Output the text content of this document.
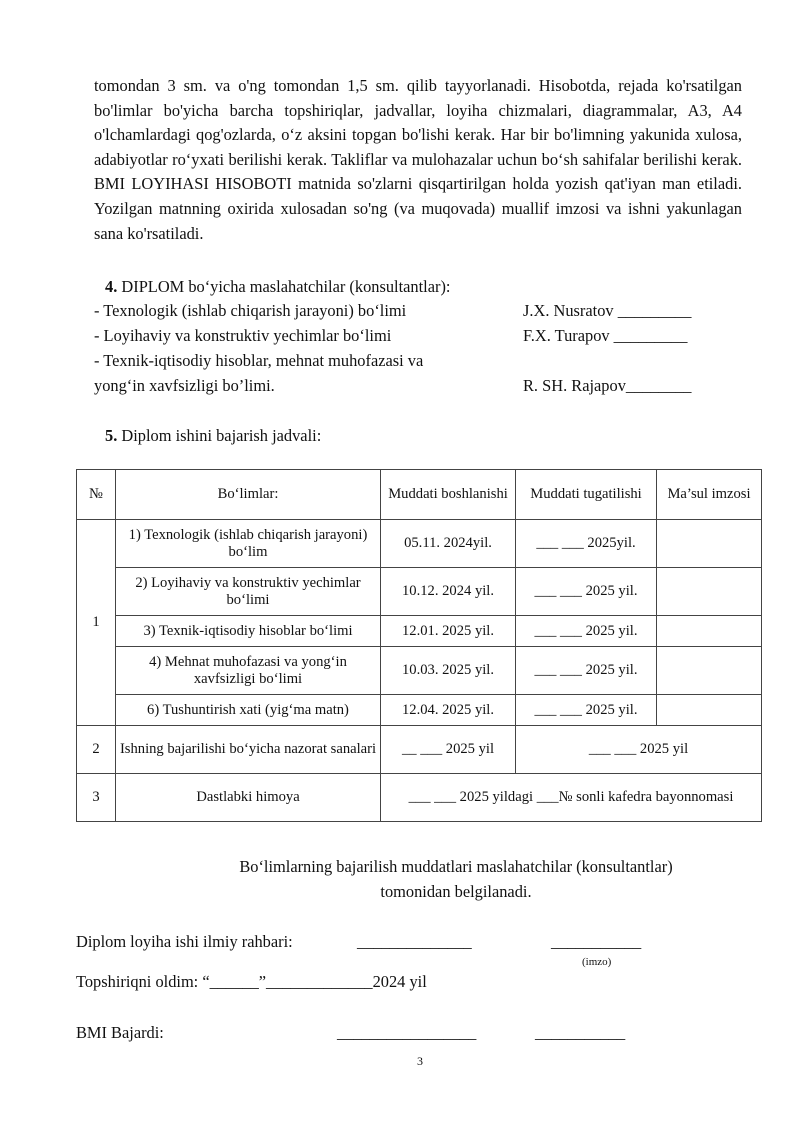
tomondan 3 sm. va o'ng tomondan 1,5 sm. qilib tayyorlanadi. Hisobotda, rejada ko'rsatilgan bo'limlar bo'yicha barcha topshiriqlar, jadvallar, loyiha chizmalari, diagrammalar, A3, A4 o'lchamlardagi qog'ozlarda, o‘z aksini topgan bo'lishi kerak. Har bir bo'limning yakunida xulosa, adabiyotlar ro‘yxati berilishi kerak. Takliflar va mulohazalar uchun bo‘sh sahifalar berilishi kerak. BMI LOYIHASI HISOBOTI matnida so'zlarni qisqartirilgan holda yozish qat'iyan man etiladi. Yozilgan matnning oxirida xulosadan so'ng (va muqovada) muallif imzosi va ishni yakunlagan sana ko'rsatiladi.

4. DIPLOM bo‘yicha maslahatchilar (konsultantlar):
- Texnologik (ishlab chiqarish jarayoni) bo‘limi	J.X. Nusratov _________
- Loyihaviy va konstruktiv yechimlar bo‘limi	F.X. Turapov _________
- Texnik-iqtisodiy hisoblar, mehnat muhofazasi va
yong‘in xavfsizligi bo’limi.	R. SH. Rajapov________
5. Diplom ishini bajarish jadvali:
№	Bo‘limlar:	Muddati boshlanishi	Muddati tugatilishi	Ma’sul imzosi
1	1) Texnologik (ishlab chiqarish jarayoni) bo‘lim	05.11. 2024yil.	___ ___ 2025yil.	
	2) Loyihaviy va konstruktiv yechimlar bo‘limi	10.12. 2024 yil.	___ ___ 2025 yil.	
	3) Texnik-iqtisodiy hisoblar bo‘limi	12.01. 2025 yil.	___ ___ 2025 yil.	
	4) Mehnat muhofazasi va yong‘in xavfsizligi bo‘limi	10.03. 2025 yil.	___ ___ 2025 yil.	
	6) Tushuntirish xati (yig‘ma matn)	12.04. 2025 yil.	___ ___ 2025 yil.	
2	Ishning bajarilishi bo‘yicha nazorat sanalari	__ ___ 2025 yil	___ ___ 2025 yil	
3	Dastlabki himoya	___ ___ 2025 yildagi ___№ sonli kafedra bayonnomasi		
Bo‘limlarning bajarilish muddatlari maslahatchilar (konsultantlar)
tomonidan belgilanadi.
Diplom loyiha ishi ilmiy rahbari:	______________	___________
(imzo)
Topshiriqni oldim: “______”_____________2024 yil
BMI Bajardi:	_________________	___________
3
